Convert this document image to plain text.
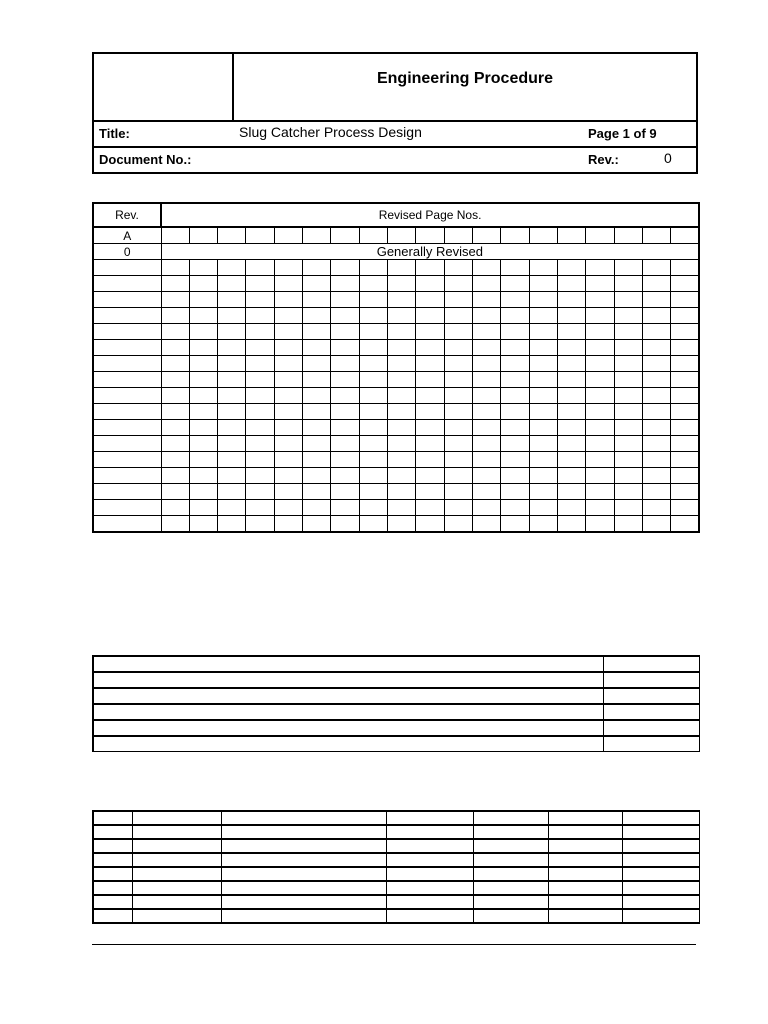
Engineering Procedure
Title:	Slug Catcher Process Design	Page 1 of 9
Document No.:	Rev.:	0
Rev.	Revised Page Nos.																		
A																			
0	Generally Revised																		
